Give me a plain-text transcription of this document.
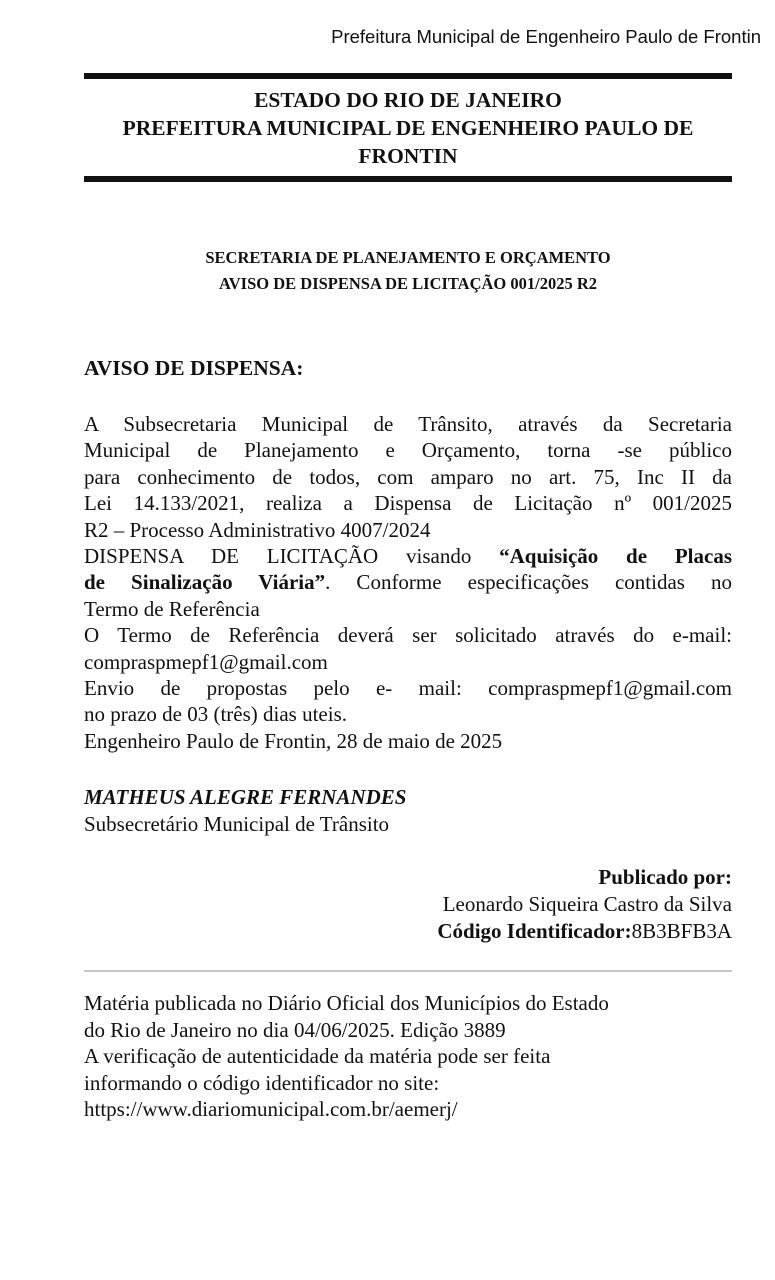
Prefeitura Municipal de Engenheiro Paulo de Frontin
ESTADO DO RIO DE JANEIRO
PREFEITURA MUNICIPAL DE ENGENHEIRO PAULO DE
FRONTIN
SECRETARIA DE PLANEJAMENTO E ORÇAMENTO
AVISO DE DISPENSA DE LICITAÇÃO 001/2025 R2
AVISO DE DISPENSA:
A Subsecretaria Municipal de Trânsito, através da Secretaria
Municipal de Planejamento e Orçamento, torna -se público
para conhecimento de todos, com amparo no art. 75, Inc II da
Lei 14.133/2021, realiza a Dispensa de Licitação nº 001/2025
R2 – Processo Administrativo 4007/2024
DISPENSA DE LICITAÇÃO visando “Aquisição de Placas
de Sinalização Viária”. Conforme especificações contidas no
Termo de Referência
O Termo de Referência deverá ser solicitado através do e-mail:
compraspmepf1@gmail.com
Envio de propostas pelo e- mail: compraspmepf1@gmail.com
no prazo de 03 (três) dias uteis.
Engenheiro Paulo de Frontin, 28 de maio de 2025
MATHEUS ALEGRE FERNANDES
Subsecretário Municipal de Trânsito
Publicado por:
Leonardo Siqueira Castro da Silva
Código Identificador:8B3BFB3A
Matéria publicada no Diário Oficial dos Municípios do Estado
do Rio de Janeiro no dia 04/06/2025. Edição 3889
A verificação de autenticidade da matéria pode ser feita
informando o código identificador no site:
https://www.diariomunicipal.com.br/aemerj/
